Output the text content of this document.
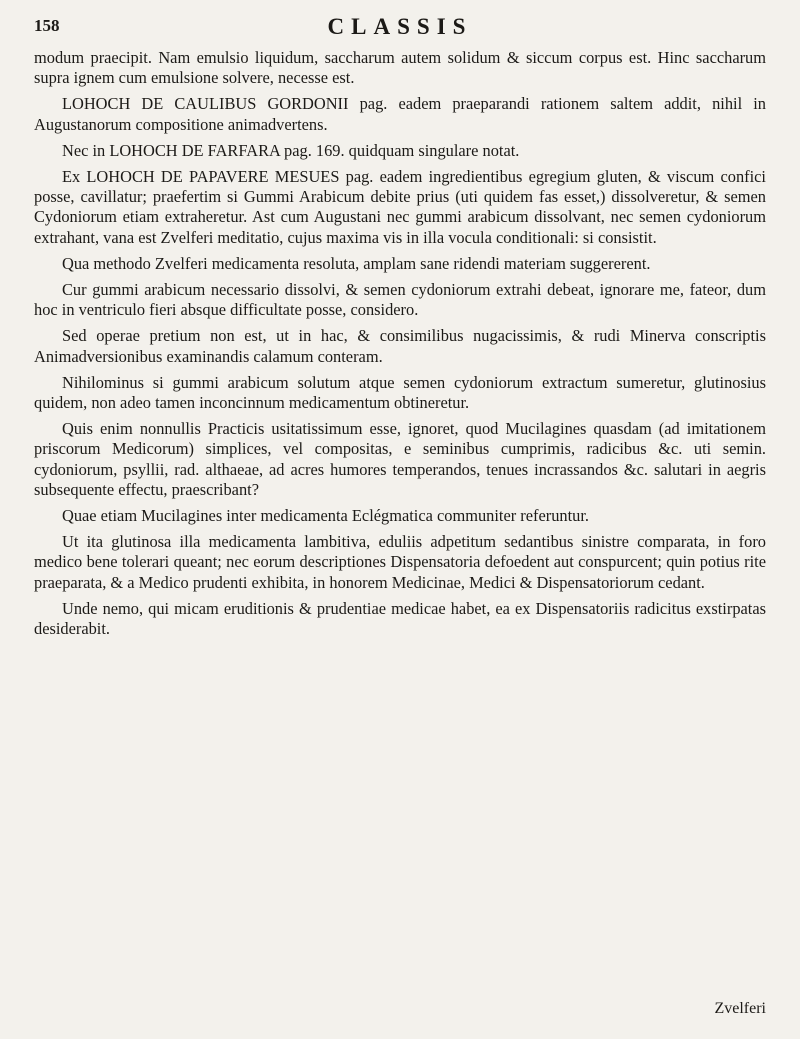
158	CLASSIS

modum praecipit. Nam emulsio liquidum, saccharum autem solidum & siccum corpus est. Hinc saccharum supra ignem cum emulsione solvere, necesse est.

LOHOCH DE CAULIBUS GORDONII pag. eadem praeparandi rationem saltem addit, nihil in Augustanorum compositione animadvertens.

Nec in LOHOCH DE FARFARA pag. 169. quidquam singulare notat.

Ex LOHOCH DE PAPAVERE MESUES pag. eadem ingredientibus egregium gluten, & viscum confici posse, cavillatur; praefertim si Gummi Arabicum debite prius (uti quidem fas esset,) dissolveretur, & semen Cydoniorum etiam extraheretur. Ast cum Augustani nec gummi arabicum dissolvant, nec semen cydoniorum extrahant, vana est Zvelferi meditatio, cujus maxima vis in illa vocula conditionali: si consistit.

Qua methodo Zvelferi medicamenta resoluta, amplam sane ridendi materiam suggererent.

Cur gummi arabicum necessario dissolvi, & semen cydoniorum extrahi debeat, ignorare me, fateor, dum hoc in ventriculo fieri absque difficultate posse, considero.

Sed operae pretium non est, ut in hac, & consimilibus nugacissimis, & rudi Minerva conscriptis Animadversionibus examinandis calamum conteram.

Nihilominus si gummi arabicum solutum atque semen cydoniorum extractum sumeretur, glutinosius quidem, non adeo tamen inconcinnum medicamentum obtineretur.

Quis enim nonnullis Practicis usitatissimum esse, ignoret, quod Mucilagines quasdam (ad imitationem priscorum Medicorum) simplices, vel compositas, e seminibus cumprimis, radicibus &c. uti semin. cydoniorum, psyllii, rad. althaeae, ad acres humores temperandos, tenues incrassandos &c. salutari in aegris subsequente effectu, praescribant?

Quae etiam Mucilagines inter medicamenta Eclégmatica communiter referuntur.

Ut ita glutinosa illa medicamenta lambitiva, eduliis adpetitum sedantibus sinistre comparata, in foro medico bene tolerari queant; nec eorum descriptiones Dispensatoria defoedent aut conspurcent; quin potius rite praeparata, & a Medico prudenti exhibita, in honorem Medicinae, Medici & Dispensatoriorum cedant.

Unde nemo, qui micam eruditionis & prudentiae medicae habet, ea ex Dispensatoriis radicitus exstirpatas desiderabit.

Zvelferi
